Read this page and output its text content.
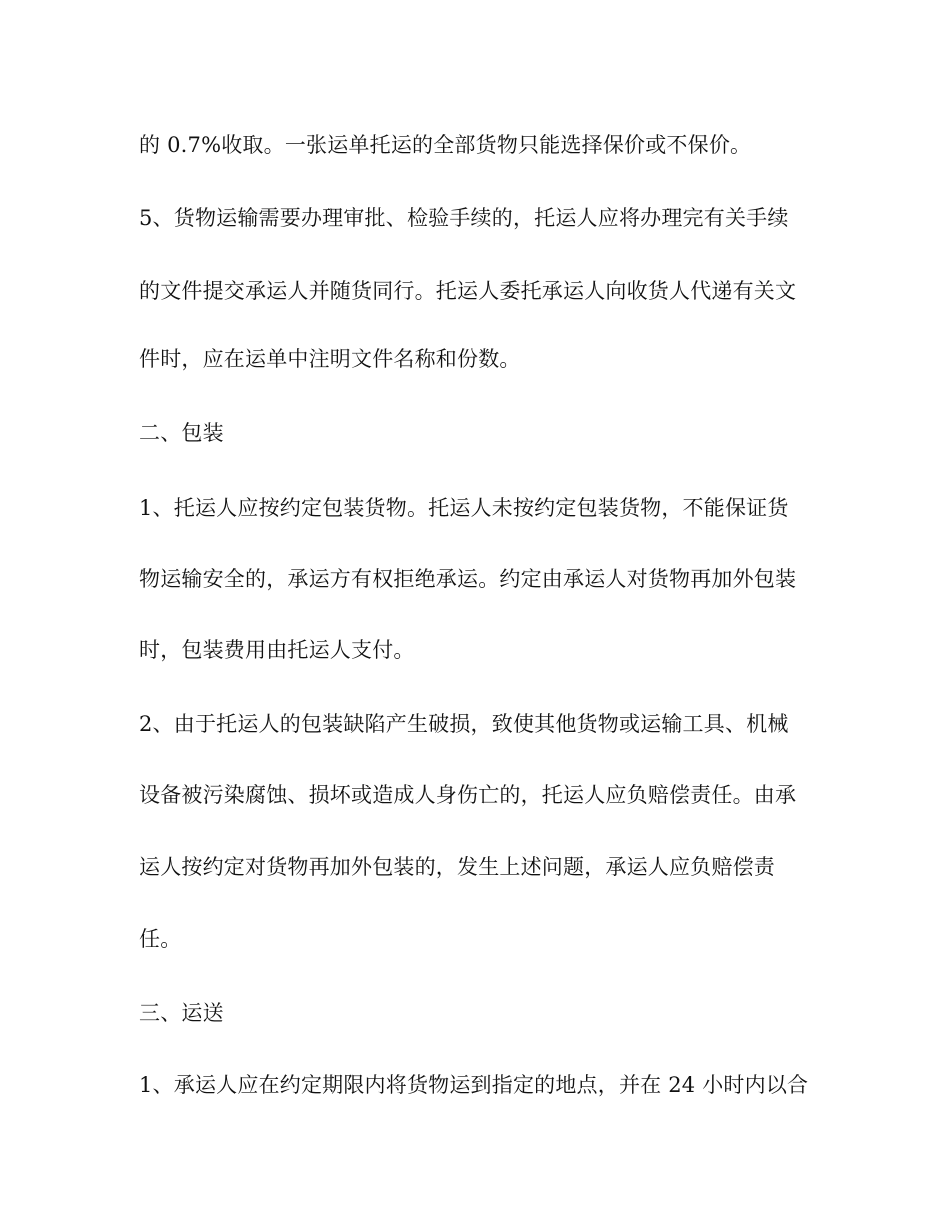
的 0.7%收取。一张运单托运的全部货物只能选择保价或不保价。
5、货物运输需要办理审批、检验手续的，托运人应将办理完有关手续
的文件提交承运人并随货同行。托运人委托承运人向收货人代递有关文
件时，应在运单中注明文件名称和份数。
二、包装
1、托运人应按约定包装货物。托运人未按约定包装货物，不能保证货
物运输安全的，承运方有权拒绝承运。约定由承运人对货物再加外包装
时，包装费用由托运人支付。
2、由于托运人的包装缺陷产生破损，致使其他货物或运输工具、机械
设备被污染腐蚀、损坏或造成人身伤亡的，托运人应负赔偿责任。由承
运人按约定对货物再加外包装的，发生上述问题，承运人应负赔偿责
任。
三、运送
1、承运人应在约定期限内将货物运到指定的地点，并在 24 小时内以合
